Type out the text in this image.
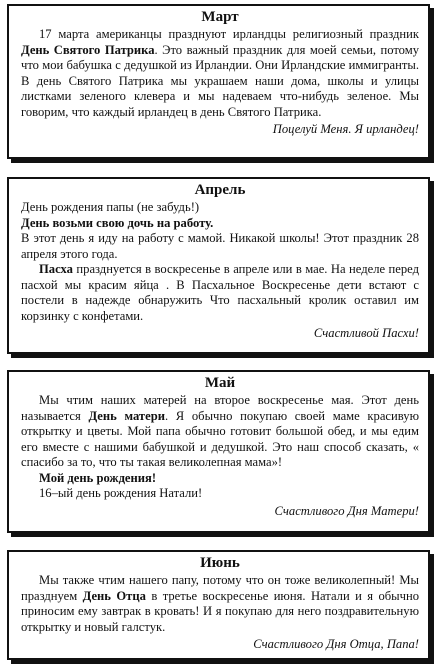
Март

17 марта американцы празднуют ирландцы религиозный праздник День Святого Патрика. Это важный праздник для моей семьи, потому что мои бабушка с дедушкой из Ирландии. Они Ирландские иммигранты. В день Святого Патрика мы украшаем наши дома, школы и улицы листками зеленого клевера и мы надеваем что-нибудь зеленое. Мы говорим, что каждый ирландец в день Святого Патрика.

Поцелуй Меня. Я ирландец!

Апрель

День рождения папы (не забудь!)

День возьми свою дочь на работу.

В этот день я иду на работу с мамой. Никакой школы! Этот праздник 28 апреля этого года.

Пасха празднуется в воскресенье в апреле или в мае. На неделе перед пасхой мы красим яйца . В Пасхальное Воскресенье дети встают с постели в надежде обнаружить Что пасхальный кролик оставил им корзинку с конфетами.

Счастливой Пасхи!

Май

Мы чтим наших матерей на второе воскресенье мая. Этот день называется День матери. Я обычно покупаю своей маме красивую открытку и цветы. Мой папа обычно готовит большой обед, и мы едим его вместе с нашими бабушкой и дедушкой. Это наш способ сказать, « спасибо за то, что ты такая великолепная мама»!

Мой день рождения!

16–ый день рождения Натали!

Счастливого Дня Матери!

Июнь

Мы также чтим нашего папу, потому что он тоже великолепный! Мы празднуем День Отца в третье воскресенье июня. Натали и я обычно приносим ему завтрак в кровать! И я покупаю для него поздравительную открытку и новый галстук.

Счастливого Дня Отца, Папа!
